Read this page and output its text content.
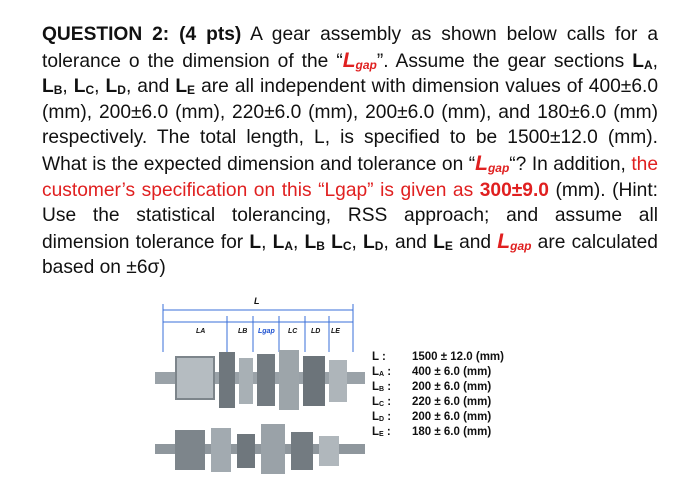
QUESTION 2: (4 pts) A gear assembly as shown below calls for a tolerance o the dimension of the “$L_{gap}$”. Assume the gear sections $L_A$, $L_B$, $L_C$, $L_D$, and $L_E$ are all independent with dimension values of 400±6.0 (mm), 200±6.0 (mm), 220±6.0 (mm), 200±6.0 (mm), and 180±6.0 (mm) respectively. The total length, L, is specified to be 1500±12.0 (mm). What is the expected dimension and tolerance on “$L_{gap}“$? In addition, the customer’s specification on this “Lgap” is given as 300±9.0 (mm). (Hint: Use the statistical tolerancing, RSS approach; and assume all dimension tolerance for L, $L_A$, $L_B$ $L_C$, $L_D$, and $L_E$ and $L_{gap}$ are calculated based on ±6σ)
L
LA	LB Lgap LC LD LE
L :	1500 ± 12.0 (mm)
$L_A$ :	400 ± 6.0 (mm)
$L_B$ :	200 ± 6.0 (mm)
$L_C$ :	220 ± 6.0 (mm)
$L_D$ :	200 ± 6.0 (mm)
$L_E$ :	180 ± 6.0 (mm)
